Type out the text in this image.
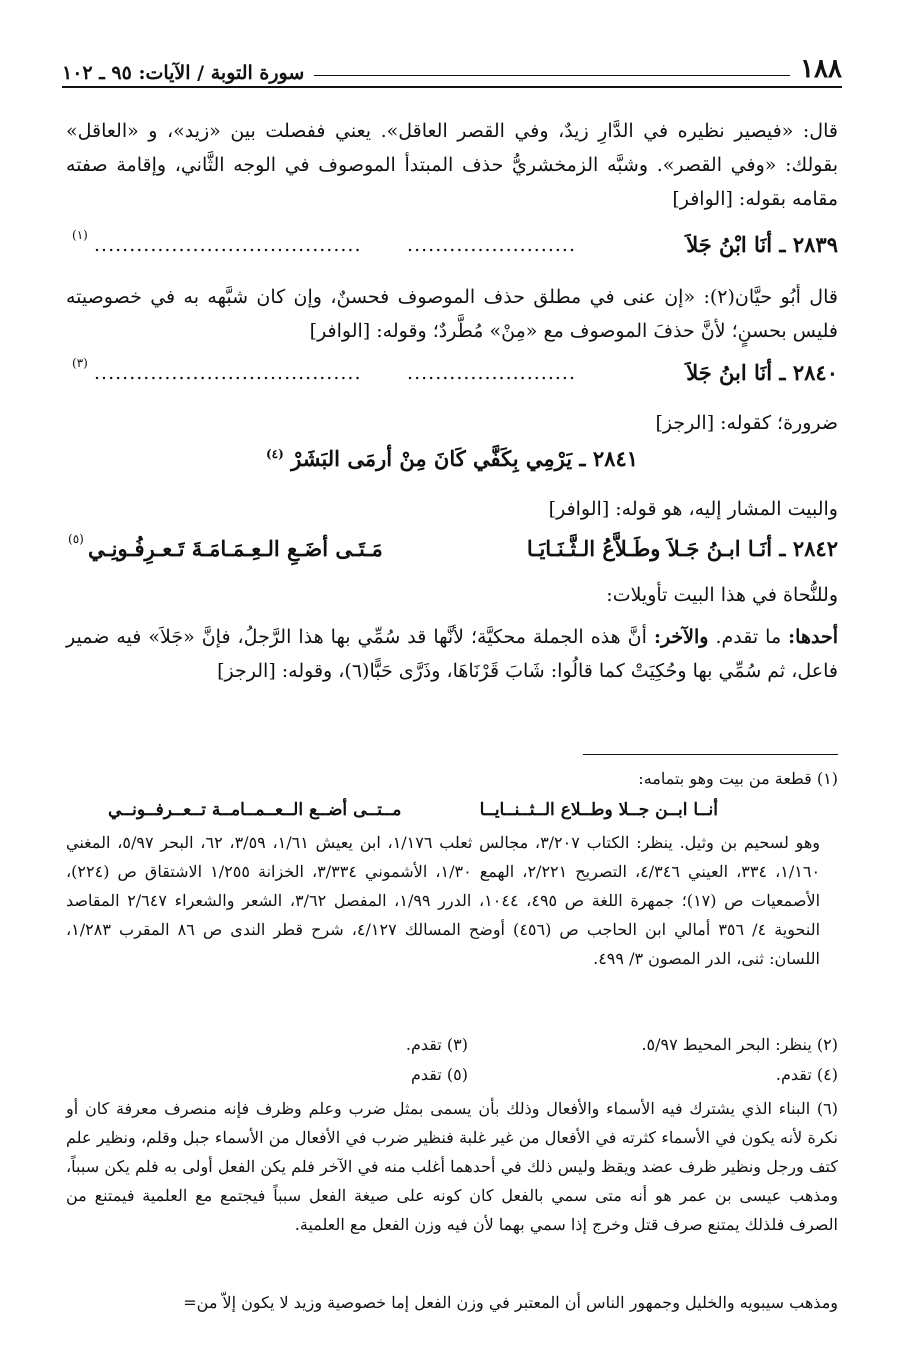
١٨٨
سورة التوبة / الآيات: ٩٥ ـ ١٠٢

قال: «فيصير نظيره في الدَّارِ زيدٌ، وفي القصر العاقل». يعني ففصلت بين «زيد»، و «العاقل» بقولك: «وفي القصر». وشبَّه الزمخشريُّ حذف المبتدأ الموصوف في الوجه الثَّاني، وإقامة صفته مقامه بقوله: [الوافر]

٢٨٣٩ ـ أنَا ابْنُ جَلاَ
........................
......................................
(١)

قال أبُو حيَّان(٢): «إن عنى في مطلق حذف الموصوف فحسنٌ، وإن كان شبَّهه به في خصوصيته فليس بحسنٍ؛ لأنَّ حذفَ الموصوف مع «مِنْ» مُطَّردٌ؛ وقوله: [الوافر]

٢٨٤٠ ـ أنَا ابنُ جَلاَ
........................
......................................
(٣)
ضرورة؛ كقوله: [الرجز]
٢٨٤١ ـ يَرْمِي بِكَفَّي كَانَ مِنْ أرمَى البَشَرْ $^{(٤)}$
والبيت المشار إليه، هو قوله: [الوافر]
٢٨٤٢ ـ أنَـا ابـنُ جَـلاَ وطَـلاَّعُ الـثَّـنَـايَـا
مَـتَـى أضَـعِ الـعِـمَـامَـةَ تَـعـرِفُـونِـي
(٥)
وللنُّحاة في هذا البيت تأويلات:

أحدها: ما تقدم. والآخر: أنَّ هذه الجملة محكيَّة؛ لأنَّها قد سُمِّي بها هذا الرَّجلُ، فإنَّ «جَلاَ» فيه ضمير فاعل، ثم سُمِّي بها وحُكِيَتْ كما قالُوا: شَابَ قَرْنَاهَا، وذَرَّى حَبًّا(٦)، وقوله: [الرجز]

(١) قطعة من بيت وهو بتمامه:
أنــا ابــن جــلا وطــلاع الــثــنــايــا
مــتــى أضــع الــعــمــامــة تــعــرفــونــي

وهو لسحيم بن وثيل. ينظر: الكتاب ٣/٢٠٧، مجالس ثعلب ١/١٧٦، ابن يعيش ١/٦١، ٣/٥٩، ٦٢، البحر ٥/٩٧، المغني ١/١٦٠، ٣٣٤، العيني ٤/٣٤٦، التصريح ٢/٢٢١، الهمع ١/٣٠، الأشموني ٣/٣٣٤، الخزانة ١/٢٥٥ الاشتقاق ص (٢٢٤)، الأصمعيات ص (١٧)؛ جمهرة اللغة ص ٤٩٥، ١٠٤٤، الدرر ١/٩٩، المفصل ٣/٦٢، الشعر والشعراء ٢/٦٤٧ المقاصد النحوية ٤/ ٣٥٦ أمالي ابن الحاجب ص (٤٥٦) أوضح المسالك ٤/١٢٧، شرح قطر الندى ص ٨٦ المقرب ١/٢٨٣، اللسان: ثنى، الدر المصون ٣/ ٤٩٩.

(٢) ينظر: البحر المحيط ٥/٩٧.
(٣) تقدم.
(٤) تقدم.
(٥) تقدم

(٦) البناء الذي يشترك فيه الأسماء والأفعال وذلك بأن يسمى بمثل ضرب وعلم وظرف فإنه منصرف معرفة كان أو نكرة لأنه يكون في الأسماء كثرته في الأفعال من غير غلبة فنظير ضرب في الأفعال من الأسماء جبل وقلم، ونظير علم كتف ورجل ونظير ظرف عضد ويقظ وليس ذلك في أحدهما أغلب منه في الآخر فلم يكن الفعل أولى به فلم يكن سبباً، ومذهب عيسى بن عمر هو أنه متى سمي بالفعل كان كونه على صيغة الفعل سبباً فيجتمع مع العلمية فيمتنع من الصرف فلذلك يمتنع صرف قتل وخرج إذا سمي بهما لأن فيه وزن الفعل مع العلمية.

ومذهب سيبويه والخليل وجمهور الناس أن المعتبر في وزن الفعل إما خصوصية وزيد لا يكون إلاّ من=
